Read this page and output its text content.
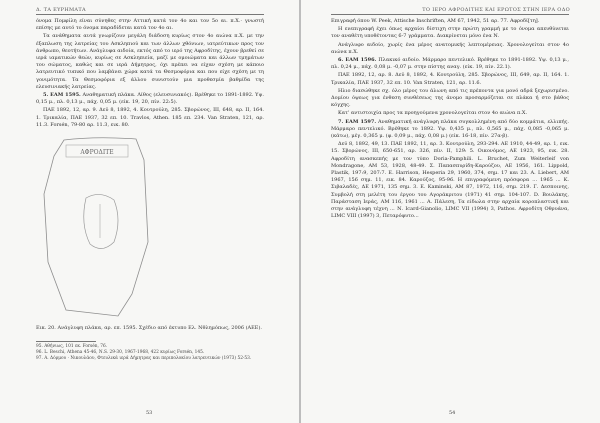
Δ. ΤΑ ΕΥΡΗΜΑΤΑ

όνομα Πομφίλη είναι σύνηθες στην Αττική κατά τον 4ο και τον 5ο αι. π.Χ.· γνωστή επίσης με αυτό το όνομα παραδίδεται κατά τον 4ο αι.

Τα ανάθηματα αυτά γνωρίζουν μεγάλη διάδοση κυρίως στον 4ο αιώνα π.Χ. με την έξαπλωση της λατρείας του Ασκληπιού και των άλλων χθόνιων, ιατρεύτικων προς τον άνθρωπο, θεοτήτων. Ανάγλυφα αιδοία, εκτός από το ιερό της Αφροδίτης, έχουν βρεθεί σε ιερά ιαματικών θεών, κυρίως σε Ασκληπιεία, μαζί με ομοιώματα και άλλων τμημάτων του σώματος, καθώς και σε ιερά Δήμητρος, όχι πρέπει να είχαν σχέση με κάποιο λατρευτικό τυπικό που λαμβάνει χώρα κατά τα Θεσμοφόρια και που είχε σχέση με τη γονιμότητα. Τα Θεσμοφόρια εξ άλλου συνιστούν μια προθεσμία βαθμίδα της ελευσινιακής λατρείας.

5. ΕΑΜ 1595. Αναθηματική πλάκα. Λίθος (ελευσινιακός). Βρέθηκε το 1891-1892. Υψ. 0,15 μ., πλ. 0,13 μ., πάχ. 0,05 μ. (είκ. 19, 20, πίν. 22:5).

ΠΑΕ 1892, 12, αρ. 9. Δεϋ 8, 1892, 4. Κουτρούλη, 285. Σβορώνος, III, 648, αρ. II, 164. 1. Τρικαλία, ΠΑΕ 1937, 32 επ. 10. Travlos, Athen. 185 επ. 234. Van Straten, 121, αρ. 11.3. Forsén, 79-80 αρ. 11.3, εικ. 80.

ΑΦΡΟΔΙΤΕ
Εικ. 20. Ανάγλυφη πλάκα, αρ. επ. 1595. Σχέδιο από έκτυπο Ελ. Νθλημόπως, 2006 (ΑΕΕ).
95. Αθήνιως, 101 εκ. Forsén, 76.
96. L. Beschi, Athena 45-46, Ν.S. 29-30, 1967-1968, 422 κυρίως Forsén, 145.
97. Α. Δόρμου · Νικουλάου, Φτευλικά ιερά Δήμητρας και περιπολοκίου λατρευτικών (1973) 52-53.
53
ΤΟ ΙΕΡΟ ΑΦΡΟΔΙΤΗΣ ΚΑΙ ΕΡΩΤΟΣ ΣΤΗΝ ΙΕΡΑ ΟΔΟ

Επιγραφή όπου W. Peek, Attische Inschriften, AM 67, 1942, 51 αρ. 77. Αφροδί[τη].

Η ενεπιγραφή έχει όπως αρχαίοι δίστιχη στην πρώτη γραμμή με το όνομα απευθύνεται τον αναθέτη υποθέτοντας 6-7 γράμματα. Διακρίνεται μόνο ένα Ν.

Ανάγλυφο αιδοίο, χωρίς ένα μέρος ανατομικής λεπτομέρειας. Χρονολογείται στον 4ο αιώνα π.Χ.

6. ΕΑΜ 1596. Πλακικό αιδοίο. Μάρμαρο πεντελικό. Βρέθηκε το 1891-1892. Υψ. 0,13 μ., πλ. 0,24 μ., πάχ. 0,08 μ. -0,07 μ. στην πίστης αναγ. (είκ. 19, πίν. 22.1).

ΠΑΕ 1892, 12, αρ. 8. Δεϋ 8, 1892, 4. Κουτρούλη, 285. Σβορώνος, III, 649, αρ. II, 164. 1. Τρικαλία, ΠΑΕ 1937, 32 επ. 10. Van Straten, 121, αρ. 11.6.

Ηλιο διασώθηκε σχ. όλο μέρος του άλωνη από τις πρέποντα για μονό αδρά ξεχωρισμένο. Δομίου όψεως για ένθεση συνθέσεως της άνομο προσαρμόζεται σε πλάκα ή στο βάθος κόγχης.

Κατ' αντιστοιχία προς τα προηγούμενα χρονολογείται στον 4ο αιώνα π.Χ.

7. ΕΑΜ 1597. Αναθηματική ανάγλυφη πλάκα συγκολλημένη από δύο κομμάτια, ελλιπής. Μάρμαρο πεντελικό. Βρέθηκε το 1892. Υψ. 0,435 μ., πλ. 0,565 μ., πάχ. 0,085 -0,065 μ. (κάτω), μέγ. 0,365 μ. (φ. 0,09 μ., πάχ. 0,08 μ.) (είκ. 16-18, πίν. 27α-β).

Δεϋ 8, 1892, 49, 13. ΠΑΕ 1892, 11, αρ. 3. Κουτρούλη, 293-294. ΑΕ 1910, 44-49, αρ. 1, εικ. 15. Σβορώνος, III, 650-651, αρ. 326, πίν. II, 129: 5. Οικονόμος, ΑΕ 1923, 95, εικ. 28. Αφροδίτη ανασκεπής με τον τύπο Doria-Pamphili. L. Bruchet, Zum Weiterleif von Mondragone, AM 53, 1928, 48-49. Σ. Παπασπυρίδη-Καρούζου, ΑΕ 1956, 161. Lippold, Plastik, 197:9, 207:7. Ε. Harrison, Hesperia 29, 1960, 374, σημ. 17 και 23. A. Liebert, AM 1967, 156 σημ. 11, εικ. 84. Καρούζος, 95-96. Η επιγραφόμενη πρόσφορα ... 1965 ... Κ. Σιβαλαδές, ΔΕ 1971, 135 σημ. 3. Ε. Kaminski, AM 87, 1972, 116, σημ. 219. Γ. Δεσποινης, Συμβολή στη μελέτη του έργου του Αγοράκριτου (1971) 41 σημ. 104-107. D. Βουλάκης, Παράσταση Ιεράς, AM 116, 1961 ... Α. Πάλεση, Τα είδωλα στην αρχαία κοροπλαστική και στην ανάγλυφη τέχνη ... Ν. Icard-Gianolio, LIMC VII (1994) 3, Pathos. Αφροδίτη Οθρυάνα, LIMC VIII (1997) 3, Πεταρόφυτο...

54
